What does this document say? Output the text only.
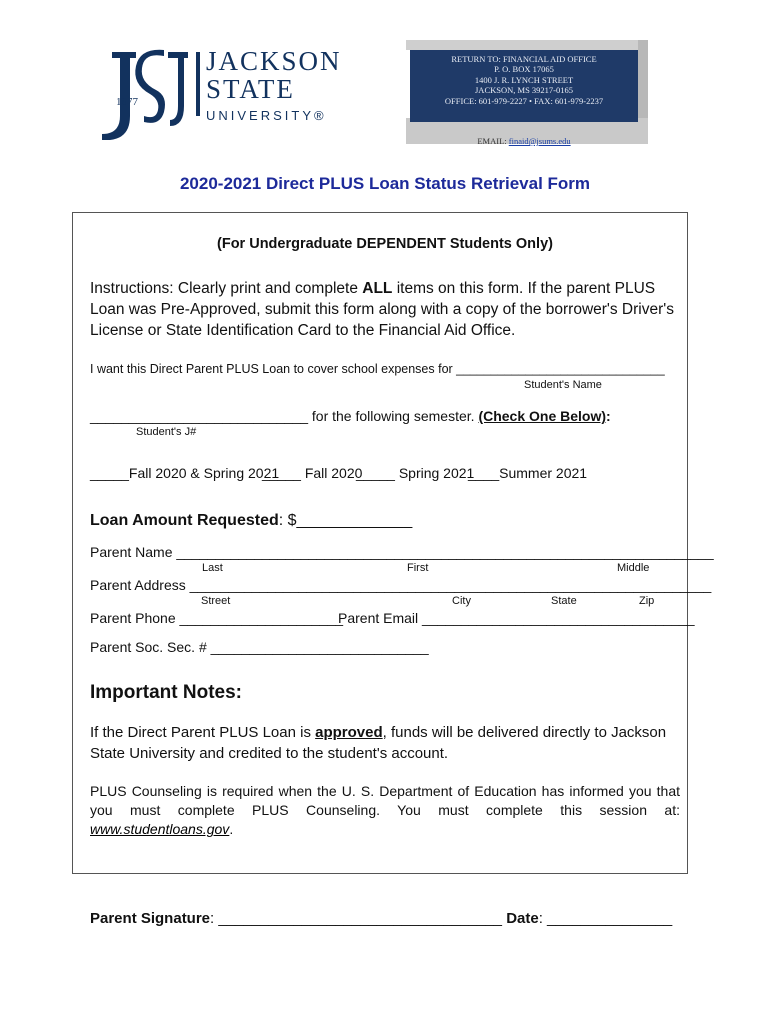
1877
JACKSON
STATE
UNIVERSITY®
RETURN TO: FINANCIAL AID OFFICE
P. O. BOX 17065
1400 J. R. LYNCH STREET
JACKSON, MS 39217-0165
OFFICE: 601-979-2227 • FAX: 601-979-2237
EMAIL: finaid@jsums.edu
2020-2021 Direct PLUS Loan Status Retrieval Form
(For Undergraduate DEPENDENT Students Only)
Instructions: Clearly print and complete ALL items on this form. If the parent PLUS Loan was Pre-Approved, submit this form along with a copy of the borrower's Driver's License or State Identification Card to the Financial Aid Office.
I want this Direct Parent PLUS Loan to cover school expenses for ______________________________
Student's Name
____________________________ for the following semester. (Check One Below):
Student's J#
_____Fall 2020 & Spring 2021
_____ Fall 2020
_____ Spring 2021
____Summer 2021
Loan Amount Requested: $_____________
Parent Name _____________________________________________________________________
Last	First	Middle
Parent Address ___________________________________________________________________
Street	City	State	Zip
Parent Phone _____________________
Parent Email ___________________________________
Parent Soc. Sec. # ____________________________
Important Notes:
If the Direct Parent PLUS Loan is approved, funds will be delivered directly to Jackson State University and credited to the student's account.
PLUS Counseling is required when the U. S. Department of Education has informed you that you must complete PLUS Counseling. You must complete this session at: www.studentloans.gov.
Parent Signature: __________________________________ Date: _______________
